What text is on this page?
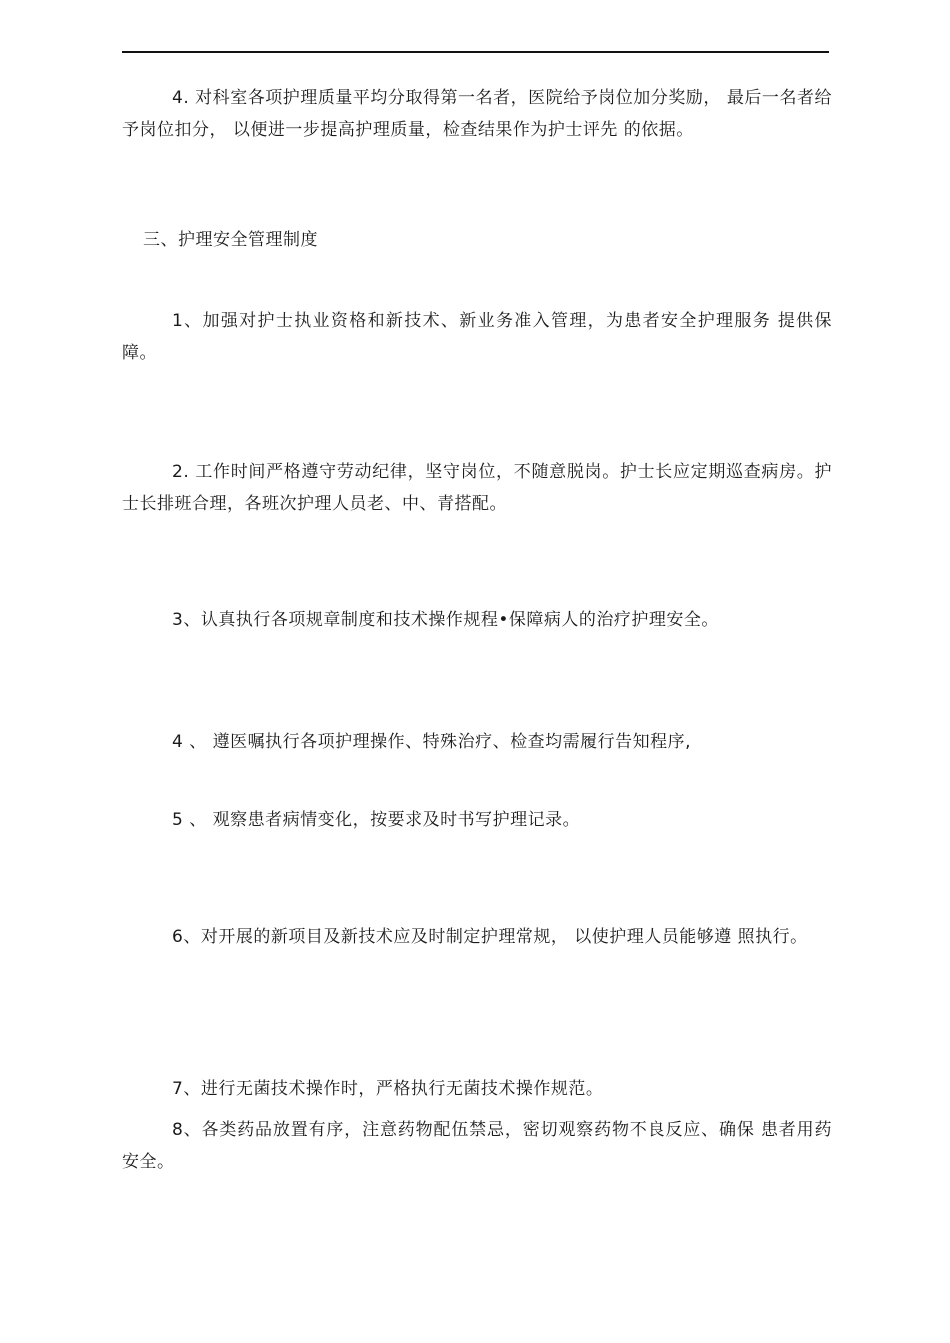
4. 对科室各项护理质量平均分取得第一名者，医院给予岗位加分奖励， 最后一名者给予岗位扣分， 以便进一步提高护理质量，检查结果作为护士评先 的依据。

三、护理安全管理制度

1、加强对护士执业资格和新技术、新业务准入管理，为患者安全护理服务 提供保障。

2. 工作时间严格遵守劳动纪律，坚守岗位，不随意脱岗。护士长应定期巡查病房。护士长排班合理，各班次护理人员老、中、青搭配。

3、认真执行各项规章制度和技术操作规程•保障病人的治疗护理安全。

4 、 遵医嘱执行各项护理操作、特殊治疗、检查均需履行告知程序,

5 、 观察患者病情变化，按要求及时书写护理记录。

6、对开展的新项目及新技术应及时制定护理常规， 以使护理人员能够遵 照执行。

7、进行无菌技术操作时，严格执行无菌技术操作规范。

8、各类药品放置有序，注意药物配伍禁忌，密切观察药物不良反应、确保 患者用药安全。
